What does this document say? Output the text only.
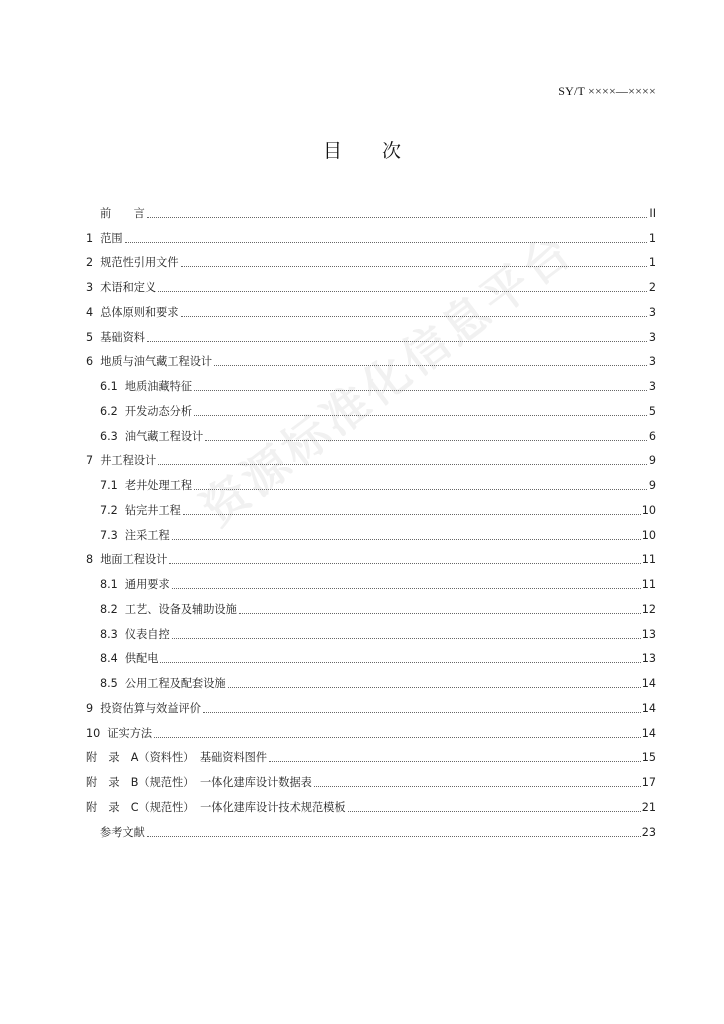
SY/T ××××—××××
目 次
资源标准化信息平台
前　　言	II
1  范围	1
2  规范性引用文件	1
3  术语和定义	2
4  总体原则和要求	3
5  基础资料	3
6  地质与油气藏工程设计	3
6.1  地质油藏特征	3
6.2  开发动态分析	5
6.3  油气藏工程设计	6
7  井工程设计	9
7.1  老井处理工程	9
7.2  钻完井工程	10
7.3  注采工程	10
8  地面工程设计	11
8.1  通用要求	11
8.2  工艺、设备及辅助设施	12
8.3  仪表自控	13
8.4  供配电	13
8.5  公用工程及配套设施	14
9  投资估算与效益评价	14
10  证实方法	14
附　录　A（资料性）　基础资料图件	15
附　录　B（规范性）　一体化建库设计数据表	17
附　录　C（规范性）　一体化建库设计技术规范模板	21
参考文献	23
